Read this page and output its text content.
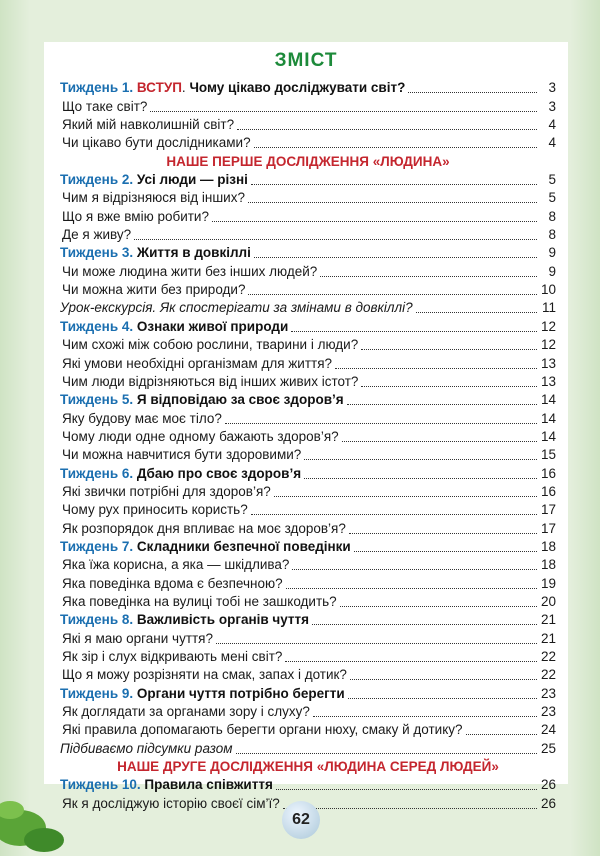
ЗМІСТ
Тиждень 1. ВСТУП. Чому цікаво досліджувати світ?	3
Що таке світ?	3
Який мій навколишній світ?	4
Чи цікаво бути дослідниками?	4
НАШЕ ПЕРШЕ ДОСЛІДЖЕННЯ «ЛЮДИНА»
Тиждень 2. Усі люди — різні	5
Чим я відрізняюся від інших?	5
Що я вже вмію робити?	8
Де я живу?	8
Тиждень 3. Життя в довкіллі	9
Чи може людина жити без інших людей?	9
Чи можна жити без природи?	10
Урок-екскурсія. Як спостерігати за змінами в довкіллі?	11
Тиждень 4. Ознаки живої природи	12
Чим схожі між собою рослини, тварини і люди?	12
Які умови необхідні організмам для життя?	13
Чим люди відрізняються від інших живих істот?	13
Тиждень 5. Я відповідаю за своє здоров’я	14
Яку будову має моє тіло?	14
Чому люди одне одному бажають здоров’я?	14
Чи можна навчитися бути здоровими?	15
Тиждень 6. Дбаю про своє здоров’я	16
Які звички потрібні для здоров’я?	16
Чому рух приносить користь?	17
Як розпорядок дня впливає на моє здоров’я?	17
Тиждень 7. Складники безпечної поведінки	18
Яка їжа корисна, а яка — шкідлива?	18
Яка поведінка вдома є безпечною?	19
Яка поведінка на вулиці тобі не зашкодить?	20
Тиждень 8. Важливість органів чуття	21
Які я маю органи чуття?	21
Як зір і слух відкривають мені світ?	22
Що я можу розрізняти на смак, запах і дотик?	22
Тиждень 9. Органи чуття потрібно берегти	23
Як доглядати за органами зору і слуху?	23
Які правила допомагають берегти органи нюху, смаку й дотику?	24
Підбиваємо підсумки разом	25
НАШЕ ДРУГЕ ДОСЛІДЖЕННЯ «ЛЮДИНА СЕРЕД ЛЮДЕЙ»
Тиждень 10. Правила співжиття	26
Як я досліджую історію своєї сім’ї?	26
62
